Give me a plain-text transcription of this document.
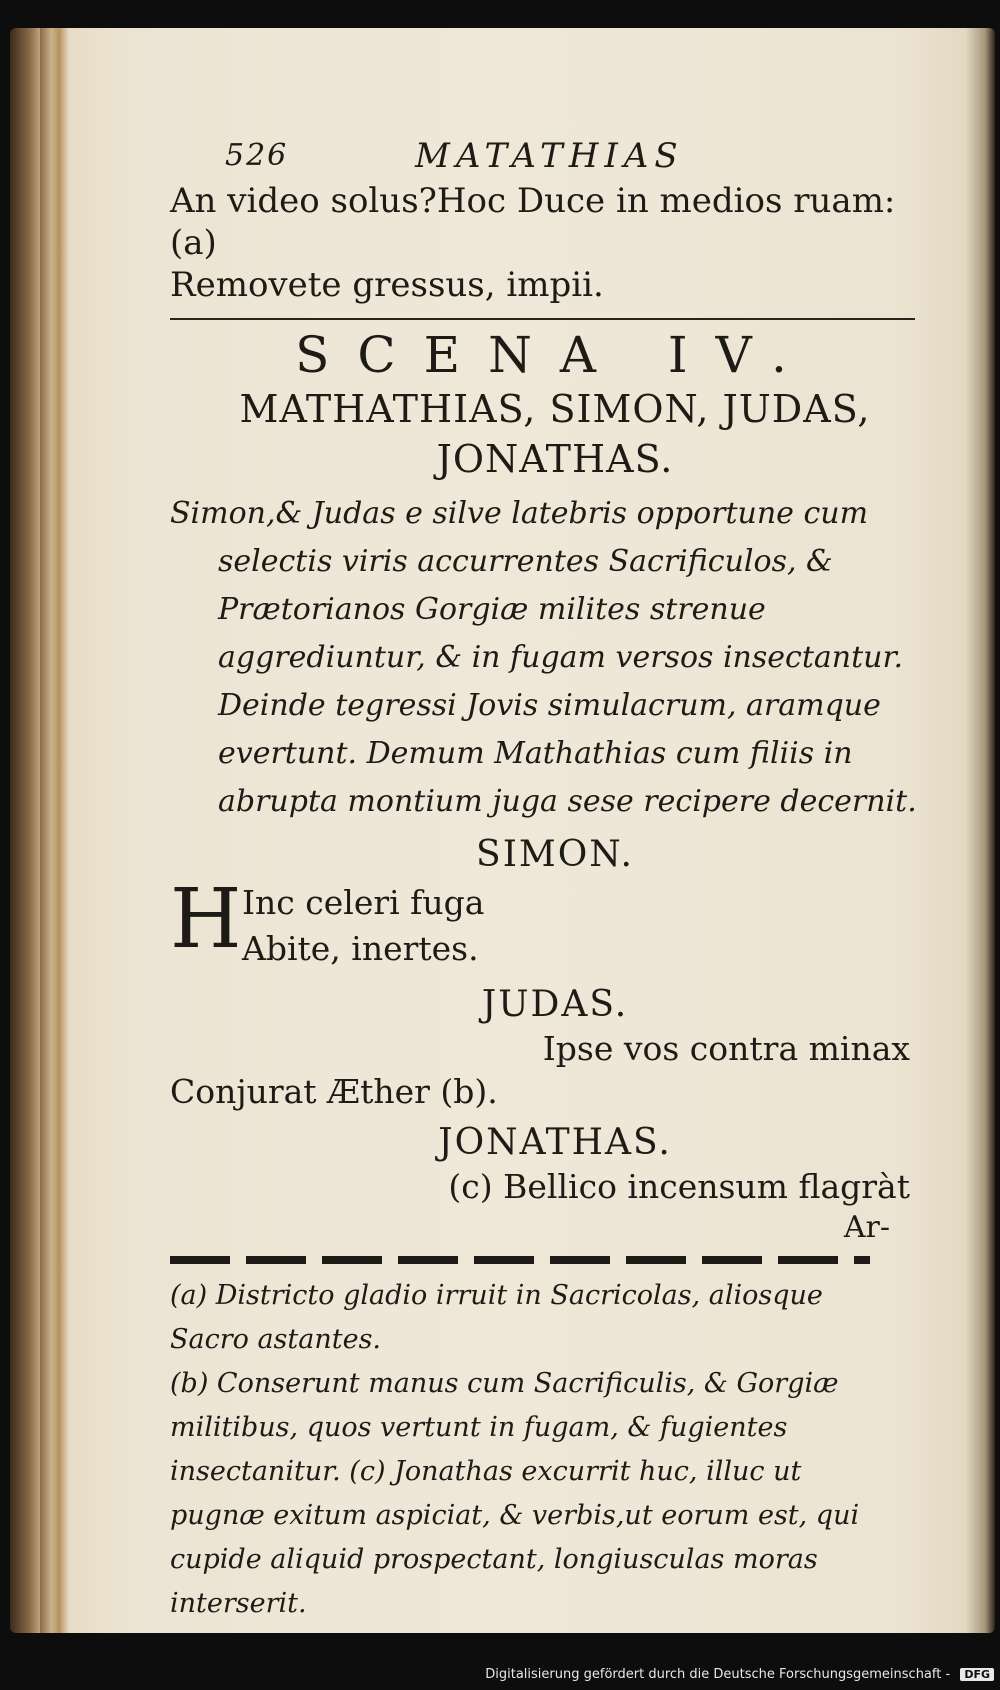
526	MATATHIAS

An video solus?Hoc Duce in medios ruam:(a)

Removete gressus, impii.

SCENA IV.

MATHATHIAS, SIMON, JUDAS,

JONATHAS.

Simon,& Judas e silve latebris opportune cum selectis viris accurrentes Sacrificulos, & Prætorianos Gorgiæ milites strenue aggrediuntur, & in fugam versos insectantur. Deinde tegressi Jovis simulacrum, aramque evertunt. Demum Mathathias cum filiis in abrupta montium juga sese recipere decernit.

SIMON.

H Inc celeri fuga
Abite, inertes.

JUDAS.

Ipse vos contra minax

Conjurat Æther (b).

JONATHAS.

(c) Bellico incensum flagràt

Ar-

(a) Districto gladio irruit in Sacricolas, aliosque Sacro astantes.

(b) Conserunt manus cum Sacrificulis, & Gorgiæ militibus, quos vertunt in fugam, & fugientes insectanitur. (c) Jonathas excurrit huc, illuc ut pugnæ exitum aspiciat, & verbis,ut eorum est, qui cupide aliquid prospectant, longiusculas moras interserit.

Digitalisierung gefördert durch die Deutsche Forschungsgemeinschaft - DFG
